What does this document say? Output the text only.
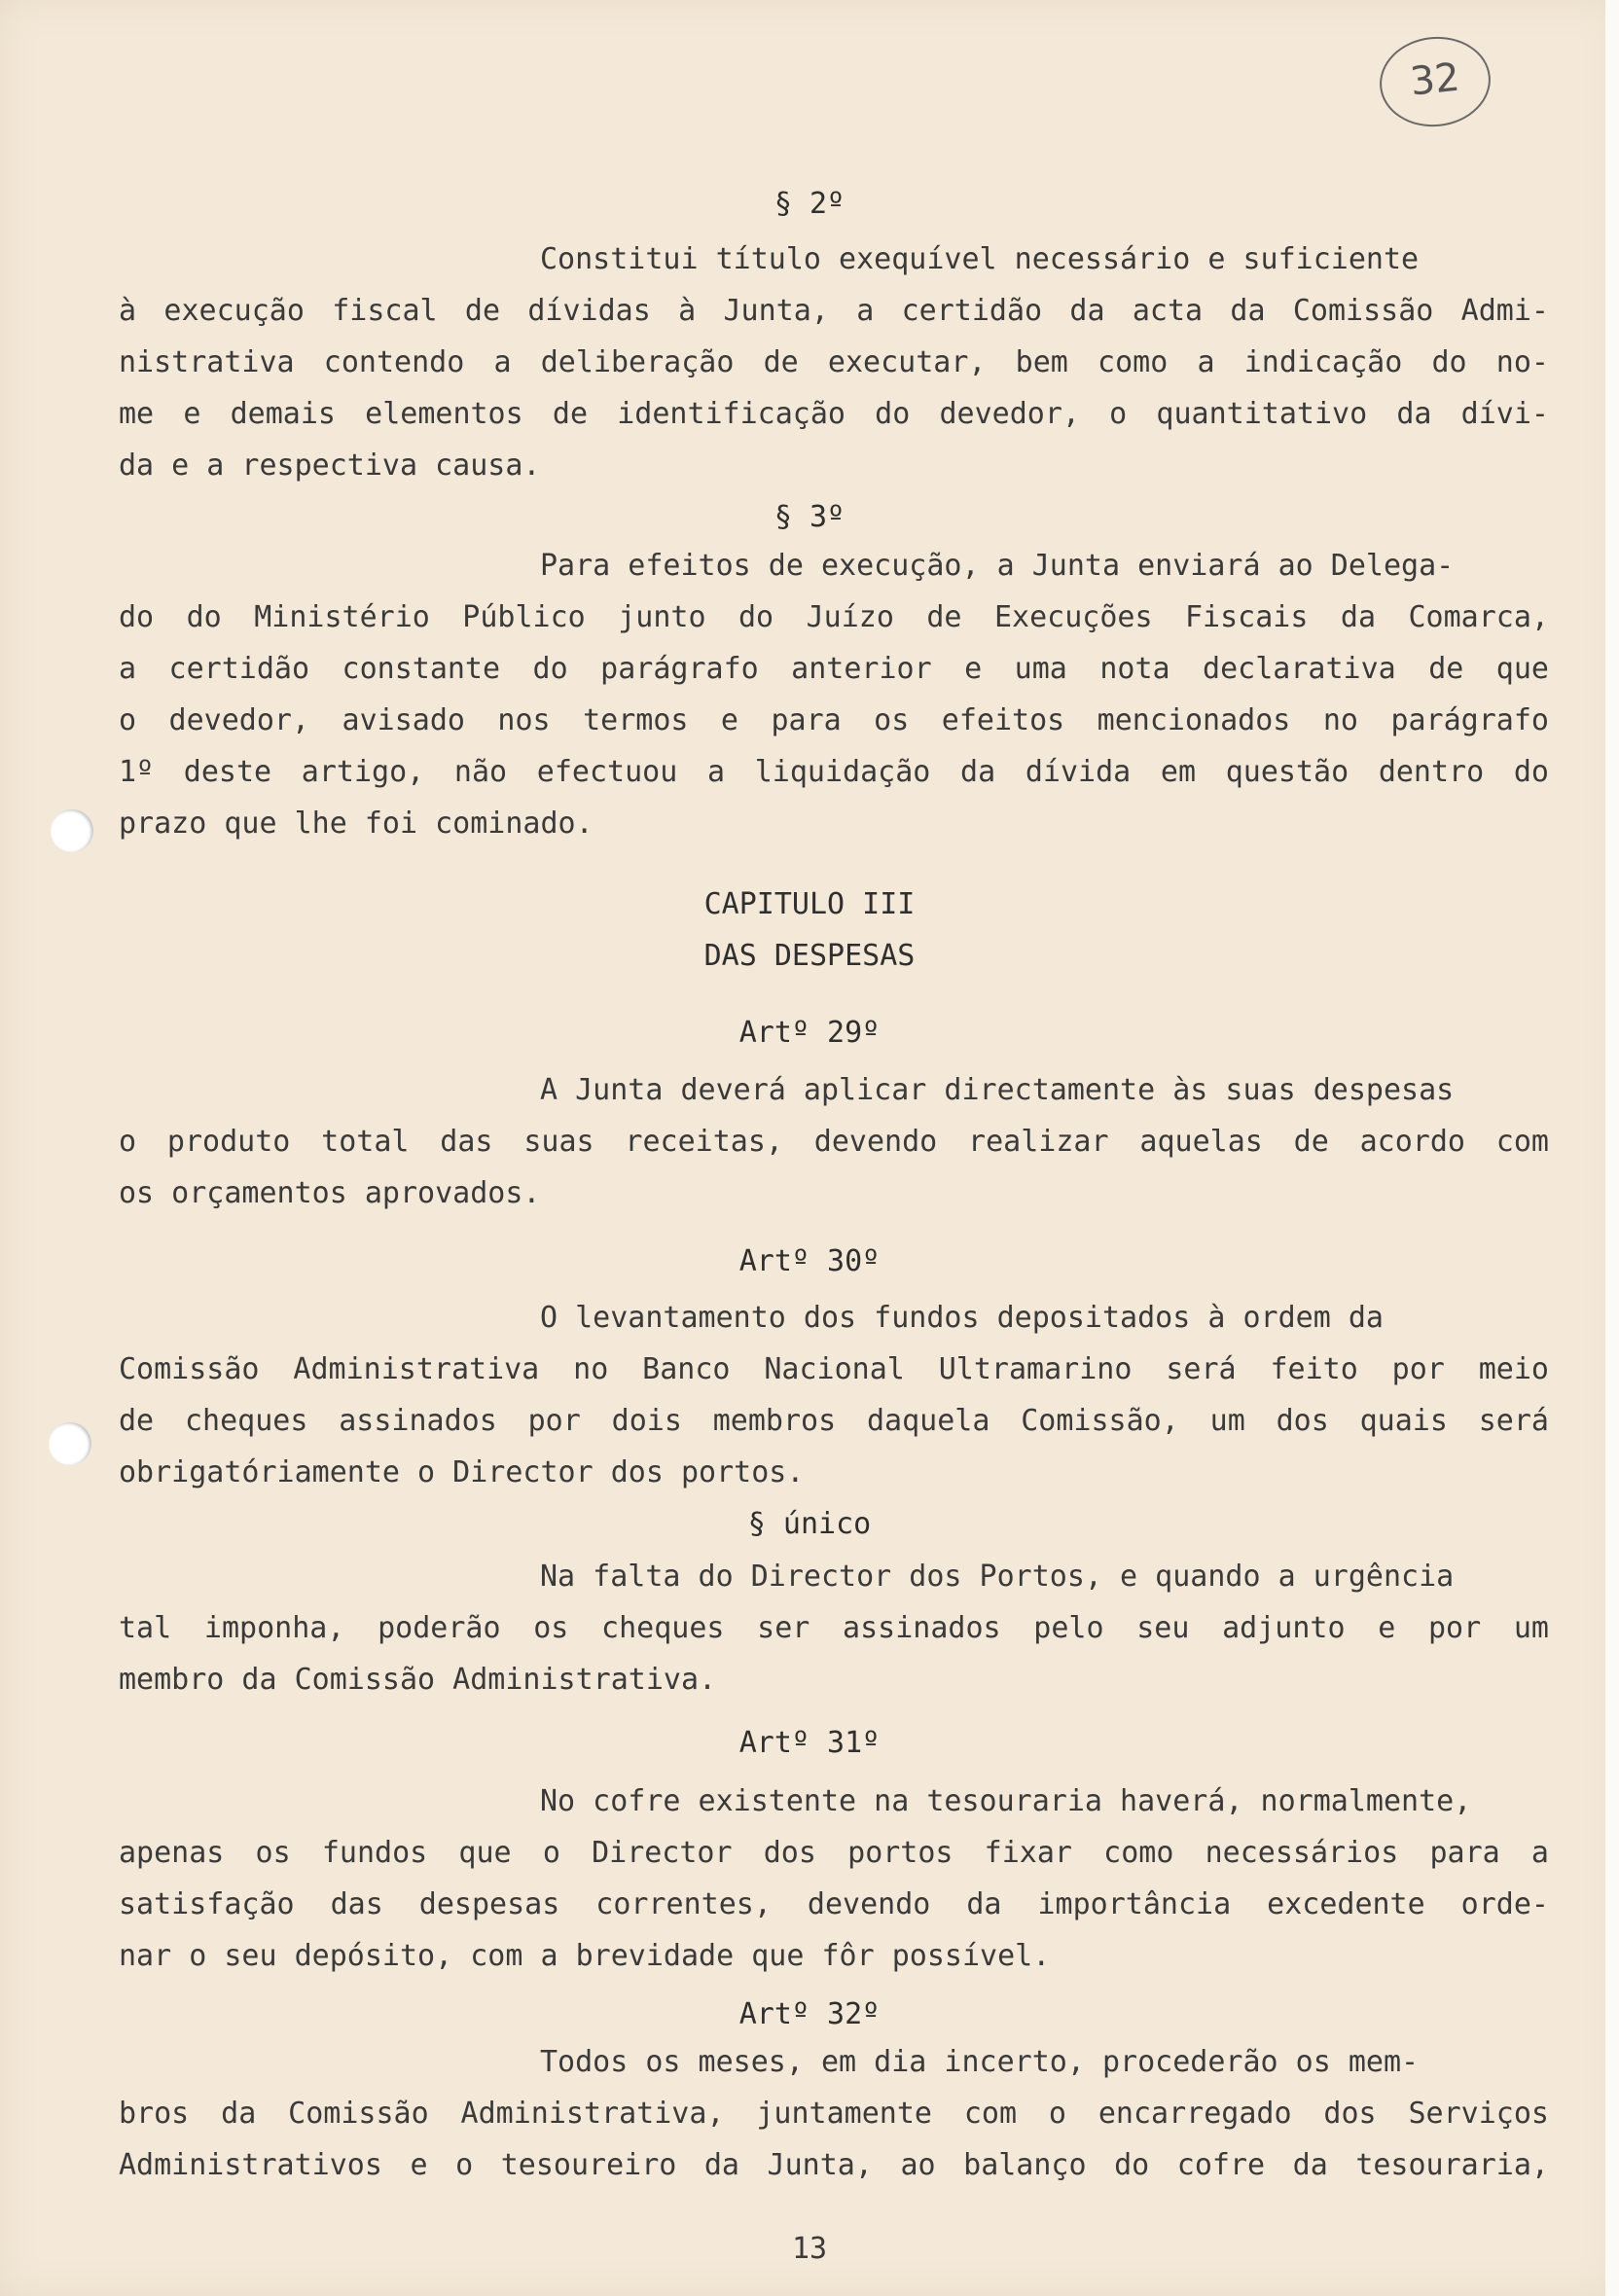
32
§ 2º
Constitui título exequível necessário e suficiente
à execução fiscal de dívidas à Junta, a certidão da acta da Comissão Admi-
nistrativa contendo a deliberação de executar, bem como a indicação do no-
me e demais elementos de identificação do devedor, o quantitativo da dívi-
da e a respectiva causa.
§ 3º
Para efeitos de execução, a Junta enviará ao Delega-
do do Ministério Público junto do Juízo de Execuções Fiscais da Comarca,
a certidão constante do parágrafo anterior e uma nota declarativa de que
o devedor, avisado nos termos e para os efeitos mencionados no parágrafo
1º deste artigo, não efectuou a liquidação da dívida em questão dentro do
prazo que lhe foi cominado.
CAPITULO III
DAS DESPESAS
Artº 29º
A Junta deverá aplicar directamente às suas despesas
o produto total das suas receitas, devendo realizar aquelas de acordo com
os orçamentos aprovados.
Artº 30º
O levantamento dos fundos depositados à ordem da
Comissão Administrativa no Banco Nacional Ultramarino será feito por meio
de cheques assinados por dois membros daquela Comissão, um dos quais será
obrigatóriamente o Director dos portos.
§ único
Na falta do Director dos Portos, e quando a urgência
tal imponha, poderão os cheques ser assinados pelo seu adjunto e por um
membro da Comissão Administrativa.
Artº 31º
No cofre existente na tesouraria haverá, normalmente,
apenas os fundos que o Director dos portos fixar como necessários para a
satisfação das despesas correntes, devendo da importância excedente orde-
nar o seu depósito, com a brevidade que fôr possível.
Artº 32º
Todos os meses, em dia incerto, procederão os mem-
bros da Comissão Administrativa, juntamente com o encarregado dos Serviços
Administrativos e o tesoureiro da Junta, ao balanço do cofre da tesouraria,
13
